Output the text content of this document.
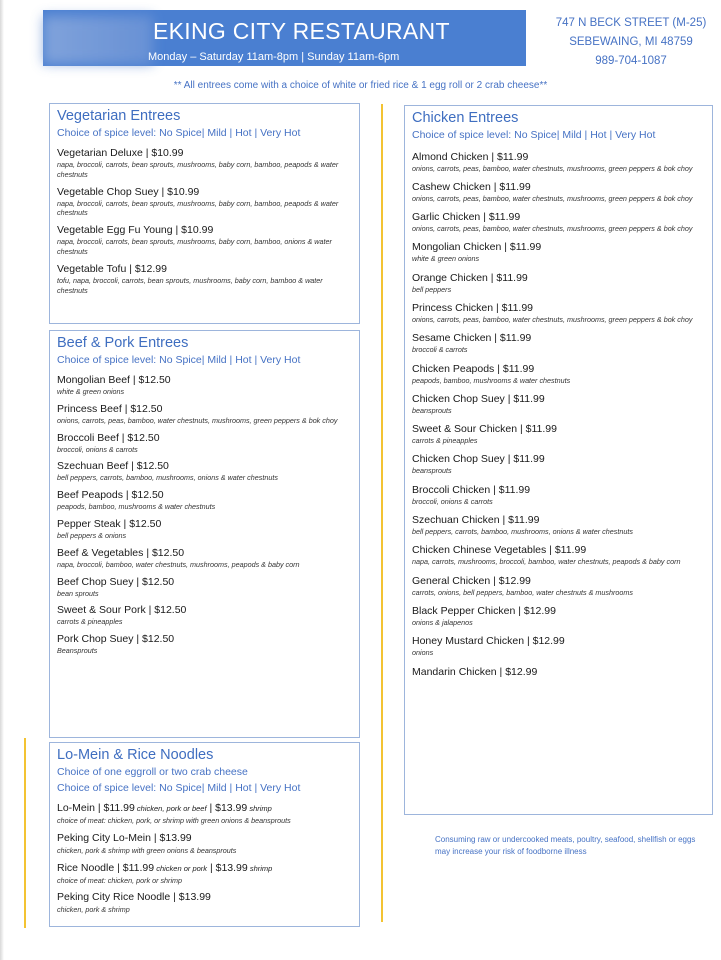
EKING CITY RESTAURANT
Monday – Saturday 11am-8pm | Sunday 11am-6pm
747 N BECK STREET (M-25)
SEBEWAING, MI 48759
989-704-1087
** All entrees come with a choice of white or fried rice & 1 egg roll or 2 crab cheese**
Vegetarian Entrees
Choice of spice level: No Spice| Mild | Hot | Very Hot
Vegetarian Deluxe | $10.99
napa, broccoli, carrots, bean sprouts, mushrooms, baby corn, bamboo, peapods & water chestnuts
Vegetable Chop Suey | $10.99
napa, broccoli, carrots, bean sprouts, mushrooms, baby corn, bamboo, peapods & water chestnuts
Vegetable Egg Fu Young | $10.99
napa, broccoli, carrots, bean sprouts, mushrooms, baby corn, bamboo, onions & water chestnuts
Vegetable Tofu | $12.99
tofu, napa, broccoli, carrots, bean sprouts, mushrooms, baby corn, bamboo & water chestnuts
Beef & Pork Entrees
Choice of spice level: No Spice| Mild | Hot | Very Hot
Mongolian Beef | $12.50
white & green onions
Princess Beef | $12.50
onions, carrots, peas, bamboo, water chestnuts, mushrooms, green peppers & bok choy
Broccoli Beef | $12.50
broccoli, onions & carrots
Szechuan Beef | $12.50
bell peppers, carrots, bamboo, mushrooms, onions & water chestnuts
Beef Peapods | $12.50
peapods, bamboo, mushrooms & water chestnuts
Pepper Steak | $12.50
bell peppers & onions
Beef & Vegetables | $12.50
napa, broccoli, bamboo, water chestnuts, mushrooms, peapods & baby corn
Beef Chop Suey | $12.50
bean sprouts
Sweet & Sour Pork | $12.50
carrots & pineapples
Pork Chop Suey | $12.50
Beansprouts
Lo-Mein & Rice Noodles
Choice of one eggroll or two crab cheese
Choice of spice level: No Spice| Mild | Hot | Very Hot
Lo-Mein | $11.99 chicken, pork or beef | $13.99 shrimp
choice of meat: chicken, pork, or shrimp with green onions & beansprouts
Peking City Lo-Mein | $13.99
chicken, pork & shrimp with green onions & beansprouts
Rice Noodle | $11.99 chicken or pork | $13.99 shrimp
choice of meat: chicken, pork or shrimp
Peking City Rice Noodle | $13.99
chicken, pork & shrimp
Chicken Entrees
Choice of spice level: No Spice| Mild | Hot | Very Hot
Almond Chicken | $11.99
onions, carrots, peas, bamboo, water chestnuts, mushrooms, green peppers & bok choy
Cashew Chicken | $11.99
onions, carrots, peas, bamboo, water chestnuts, mushrooms, green peppers & bok choy
Garlic Chicken | $11.99
onions, carrots, peas, bamboo, water chestnuts, mushrooms, green peppers & bok choy
Mongolian Chicken | $11.99
white & green onions
Orange Chicken | $11.99
bell peppers
Princess Chicken | $11.99
onions, carrots, peas, bamboo, water chestnuts, mushrooms, green peppers & bok choy
Sesame Chicken | $11.99
broccoli & carrots
Chicken Peapods | $11.99
peapods, bamboo, mushrooms & water chestnuts
Chicken Chop Suey | $11.99
beansprouts
Sweet & Sour Chicken | $11.99
carrots & pineapples
Chicken Chop Suey | $11.99
beansprouts
Broccoli Chicken | $11.99
broccoli, onions & carrots
Szechuan Chicken | $11.99
bell peppers, carrots, bamboo, mushrooms, onions & water chestnuts
Chicken Chinese Vegetables | $11.99
napa, carrots, mushrooms, broccoli, bamboo, water chestnuts, peapods & baby corn
General Chicken | $12.99
carrots, onions, bell peppers, bamboo, water chestnuts & mushrooms
Black Pepper Chicken | $12.99
onions & jalapenos
Honey Mustard Chicken | $12.99
onions
Mandarin Chicken | $12.99
Consuming raw or undercooked meats, poultry, seafood, shellfish or eggs may increase your risk of foodborne illness
